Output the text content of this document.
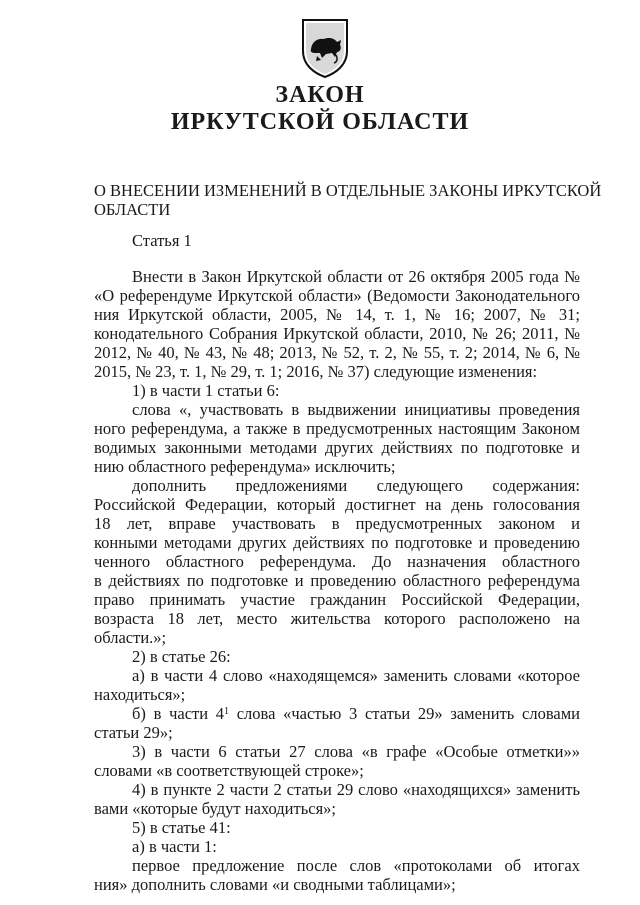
ЗАКОН
ИРКУТСКОЙ ОБЛАСТИ
О ВНЕСЕНИИ ИЗМЕНЕНИЙ В ОТДЕЛЬНЫЕ ЗАКОНЫ ИРКУТСКОЙ
ОБЛАСТИ
Статья 1
Внести в Закон Иркутской области от 26 октября 2005 года №
«О референдуме Иркутской области» (Ведомости Законодательного
ния Иркутской области, 2005, № 14, т. 1, № 16; 2007, № 31;
конодательного Собрания Иркутской области, 2010, № 26; 2011, №
2012, № 40, № 43, № 48; 2013, № 52, т. 2, № 55, т. 2; 2014, № 6, №
2015, № 23, т. 1, № 29, т. 1; 2016, № 37) следующие изменения:
1) в части 1 статьи 6:
слова «, участвовать в выдвижении инициативы проведения
ного референдума, а также в предусмотренных настоящим Законом
водимых законными методами других действиях по подготовке и
нию областного референдума» исключить;
дополнить предложениями следующего содержания:
Российской Федерации, который достигнет на день голосования
18 лет, вправе участвовать в предусмотренных законом и
конными методами других действиях по подготовке и проведению
ченного областного референдума. До назначения областного
в действиях по подготовке и проведению областного референдума
право принимать участие гражданин Российской Федерации,
возраста 18 лет, место жительства которого расположено на
области.»;
2) в статье 26:
а) в части 4 слово «находящемся» заменить словами «которое
находиться»;
б) в части $4^1$ слова «частью 3 статьи 29» заменить словами
статьи 29»;
3) в части 6 статьи 27 слова «в графе «Особые отметки»»
словами «в соответствующей строке»;
4) в пункте 2 части 2 статьи 29 слово «находящихся» заменить
вами «которые будут находиться»;
5) в статье 41:
а) в части 1:
первое предложение после слов «протоколами об итогах
ния» дополнить словами «и сводными таблицами»;
